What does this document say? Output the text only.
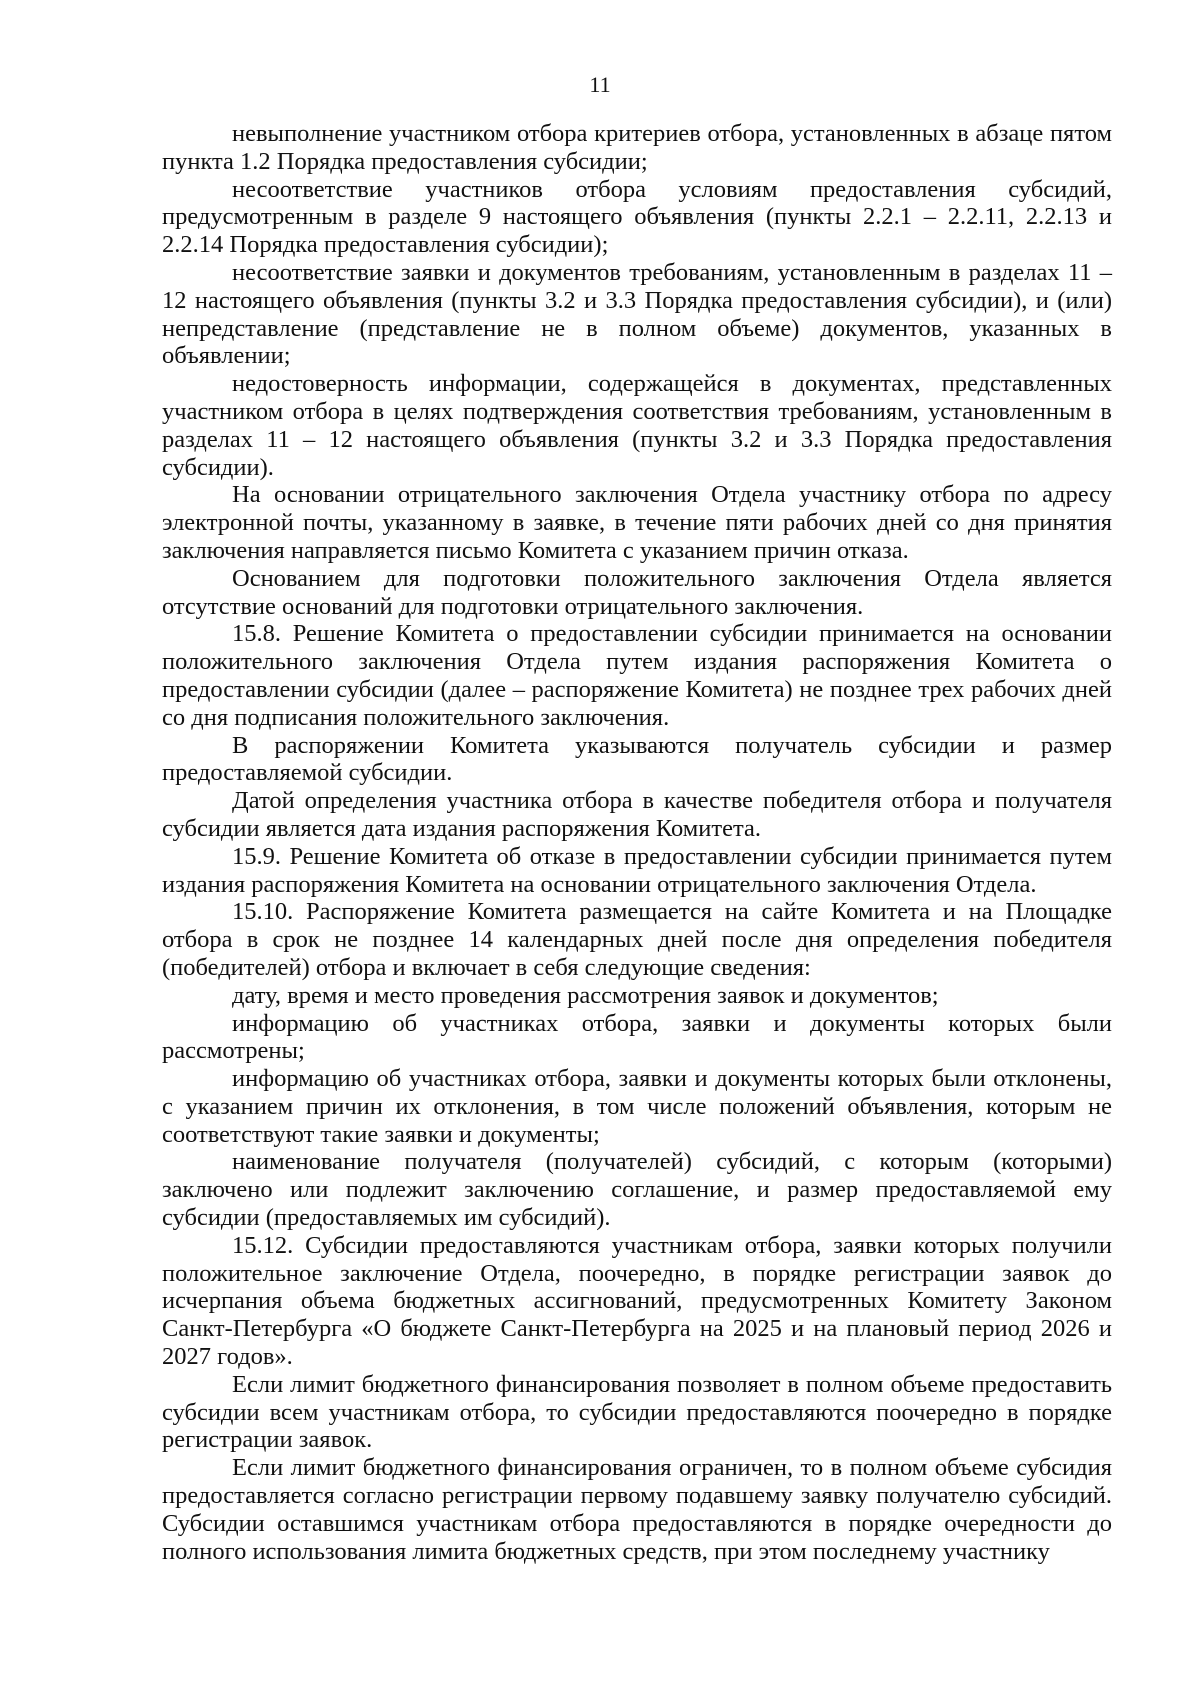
11

невыполнение участником отбора критериев отбора, установленных в абзаце пятом пункта 1.2 Порядка предоставления субсидии;

несоответствие участников отбора условиям предоставления субсидий, предусмотренным в разделе 9 настоящего объявления (пункты 2.2.1 – 2.2.11, 2.2.13 и 2.2.14 Порядка предоставления субсидии);

несоответствие заявки и документов требованиям, установленным в разделах 11 – 12 настоящего объявления (пункты 3.2 и 3.3 Порядка предоставления субсидии), и (или) непредставление (представление не в полном объеме) документов, указанных в объявлении;

недостоверность информации, содержащейся в документах, представленных участником отбора в целях подтверждения соответствия требованиям, установленным в разделах 11 – 12 настоящего объявления (пункты 3.2 и 3.3 Порядка предоставления субсидии).

На основании отрицательного заключения Отдела участнику отбора по адресу электронной почты, указанному в заявке, в течение пяти рабочих дней со дня принятия заключения направляется письмо Комитета с указанием причин отказа.

Основанием для подготовки положительного заключения Отдела является отсутствие оснований для подготовки отрицательного заключения.

15.8. Решение Комитета о предоставлении субсидии принимается на основании положительного заключения Отдела путем издания распоряжения Комитета о предоставлении субсидии (далее – распоряжение Комитета) не позднее трех рабочих дней со дня подписания положительного заключения.

В распоряжении Комитета указываются получатель субсидии и размер предоставляемой субсидии.

Датой определения участника отбора в качестве победителя отбора и получателя субсидии является дата издания распоряжения Комитета.

15.9. Решение Комитета об отказе в предоставлении субсидии принимается путем издания распоряжения Комитета на основании отрицательного заключения Отдела.

15.10. Распоряжение Комитета размещается на сайте Комитета и на Площадке отбора в срок не позднее 14 календарных дней после дня определения победителя (победителей) отбора и включает в себя следующие сведения:

дату, время и место проведения рассмотрения заявок и документов;

информацию об участниках отбора, заявки и документы которых были рассмотрены;

информацию об участниках отбора, заявки и документы которых были отклонены, с указанием причин их отклонения, в том числе положений объявления, которым не соответствуют такие заявки и документы;

наименование получателя (получателей) субсидий, с которым (которыми) заключено или подлежит заключению соглашение, и размер предоставляемой ему субсидии (предоставляемых им субсидий).

15.12. Субсидии предоставляются участникам отбора, заявки которых получили положительное заключение Отдела, поочередно, в порядке регистрации заявок до исчерпания объема бюджетных ассигнований, предусмотренных Комитету Законом Санкт-Петербурга «О бюджете Санкт-Петербурга на 2025 и на плановый период 2026 и 2027 годов».

Если лимит бюджетного финансирования позволяет в полном объеме предоставить субсидии всем участникам отбора, то субсидии предоставляются поочередно в порядке регистрации заявок.

Если лимит бюджетного финансирования ограничен, то в полном объеме субсидия предоставляется согласно регистрации первому подавшему заявку получателю субсидий. Субсидии оставшимся участникам отбора предоставляются в порядке очередности до полного использования лимита бюджетных средств, при этом последнему участнику
